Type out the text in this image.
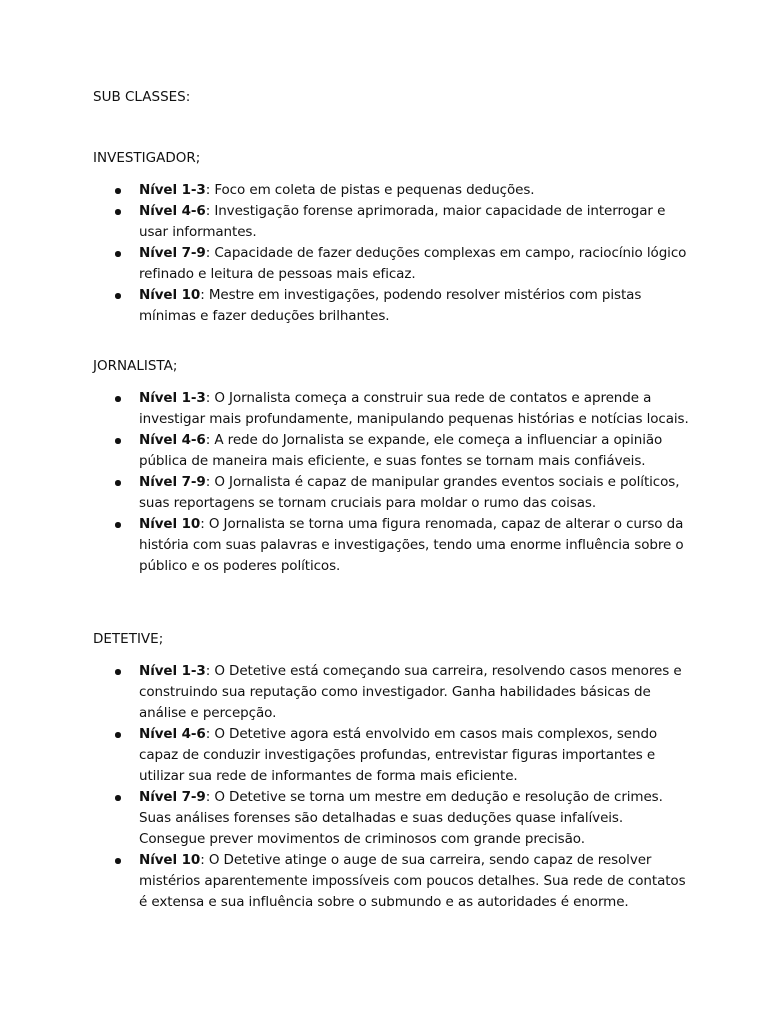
SUB CLASSES:

INVESTIGADOR;

Nível 1-3: Foco em coleta de pistas e pequenas deduções.
Nível 4-6: Investigação forense aprimorada, maior capacidade de interrogar e usar informantes.
Nível 7-9: Capacidade de fazer deduções complexas em campo, raciocínio lógico refinado e leitura de pessoas mais eficaz.
Nível 10: Mestre em investigações, podendo resolver mistérios com pistas mínimas e fazer deduções brilhantes.

JORNALISTA;

Nível 1-3: O Jornalista começa a construir sua rede de contatos e aprende a investigar mais profundamente, manipulando pequenas histórias e notícias locais.
Nível 4-6: A rede do Jornalista se expande, ele começa a influenciar a opinião pública de maneira mais eficiente, e suas fontes se tornam mais confiáveis.
Nível 7-9: O Jornalista é capaz de manipular grandes eventos sociais e políticos, suas reportagens se tornam cruciais para moldar o rumo das coisas.
Nível 10: O Jornalista se torna uma figura renomada, capaz de alterar o curso da história com suas palavras e investigações, tendo uma enorme influência sobre o público e os poderes políticos.

DETETIVE;

Nível 1-3: O Detetive está começando sua carreira, resolvendo casos menores e construindo sua reputação como investigador. Ganha habilidades básicas de análise e percepção.
Nível 4-6: O Detetive agora está envolvido em casos mais complexos, sendo capaz de conduzir investigações profundas, entrevistar figuras importantes e utilizar sua rede de informantes de forma mais eficiente.
Nível 7-9: O Detetive se torna um mestre em dedução e resolução de crimes. Suas análises forenses são detalhadas e suas deduções quase infalíveis. Consegue prever movimentos de criminosos com grande precisão.
Nível 10: O Detetive atinge o auge de sua carreira, sendo capaz de resolver mistérios aparentemente impossíveis com poucos detalhes. Sua rede de contatos é extensa e sua influência sobre o submundo e as autoridades é enorme.
